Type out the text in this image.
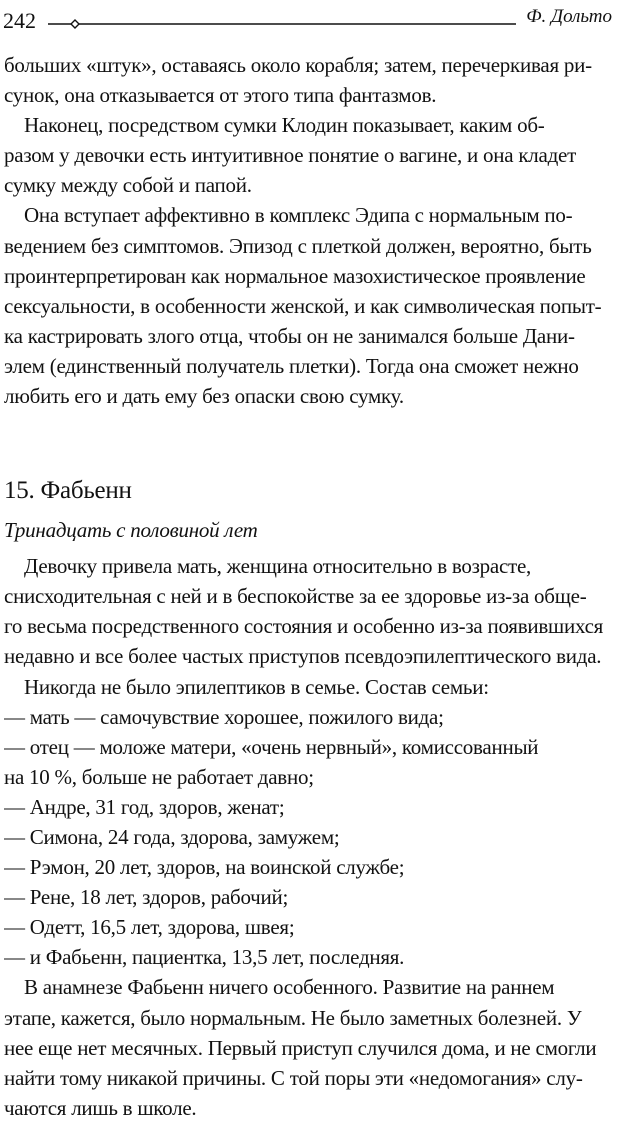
242	Ф. Дольто
больших «штук», оставаясь около корабля; затем, перечеркивая ри-
сунок, она отказывается от этого типа фантазмов.
Наконец, посредством сумки Клодин показывает, каким об-
разом у девочки есть интуитивное понятие о вагине, и она кладет
сумку между собой и папой.
Она вступает аффективно в комплекс Эдипа с нормальным по-
ведением без симптомов. Эпизод с плеткой должен, вероятно, быть
проинтерпретирован как нормальное мазохистическое проявление
сексуальности, в особенности женской, и как символическая попыт-
ка кастрировать злого отца, чтобы он не занимался больше Дани-
элем (единственный получатель плетки). Тогда она сможет нежно
любить его и дать ему без опаски свою сумку.
15. Фабьенн
Тринадцать с половиной лет
Девочку привела мать, женщина относительно в возрасте,
снисходительная с ней и в беспокойстве за ее здоровье из-за обще-
го весьма посредственного состояния и особенно из-за появившихся
недавно и все более частых приступов псевдоэпилептического вида.
Никогда не было эпилептиков в семье. Состав семьи:
— мать — самочувствие хорошее, пожилого вида;
— отец — моложе матери, «очень нервный», комиссованный
на 10 %, больше не работает давно;
— Андре, 31 год, здоров, женат;
— Симона, 24 года, здорова, замужем;
— Рэмон, 20 лет, здоров, на воинской службе;
— Рене, 18 лет, здоров, рабочий;
— Одетт, 16,5 лет, здорова, швея;
— и Фабьенн, пациентка, 13,5 лет, последняя.
В анамнезе Фабьенн ничего особенного. Развитие на раннем
этапе, кажется, было нормальным. Не было заметных болезней. У
нее еще нет месячных. Первый приступ случился дома, и не смогли
найти тому никакой причины. С той поры эти «недомогания» слу-
чаются лишь в школе.
